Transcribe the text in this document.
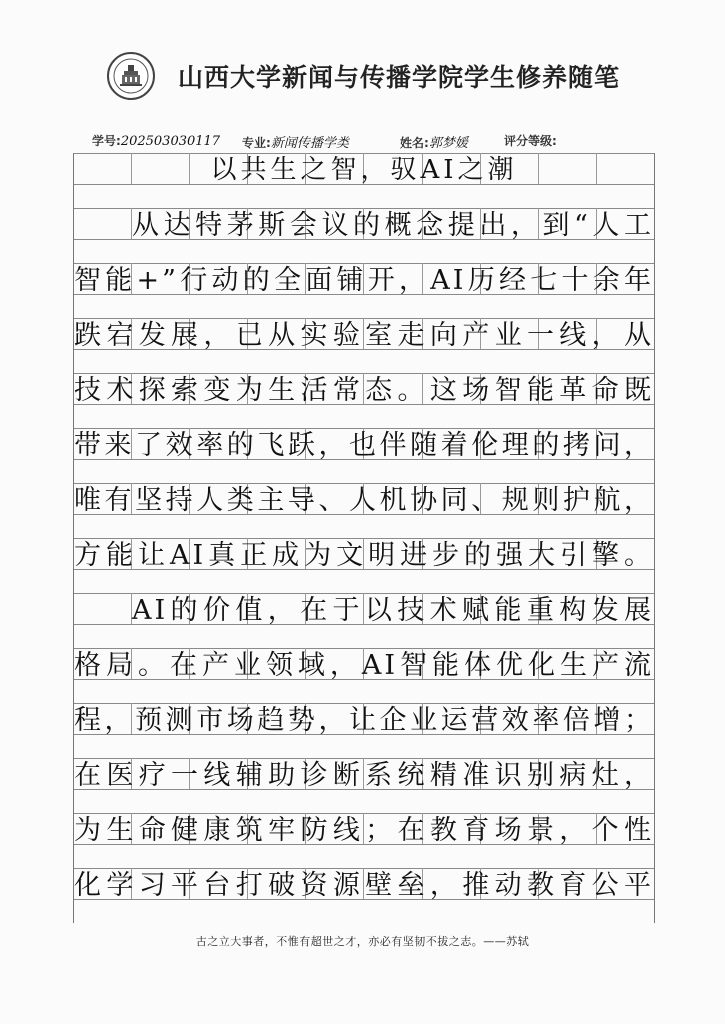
山西大学新闻与传播学院学生修养随笔
学号:202503030117 专业:新闻传播学类	姓名:郭梦媛	评分等级:
以共生之智，驭AI之潮
从达特茅斯会议的概念提出，到“人工
智能+”行动的全面铺开，AI历经七十余年
跌宕发展，已从实验室走向产业一线，从
技术探索变为生活常态。这场智能革命既
带来了效率的飞跃，也伴随着伦理的拷问，
唯有坚持人类主导、人机协同、规则护航，
方能让AI真正成为文明进步的强大引擎。
AI的价值，在于以技术赋能重构发展
格局。在产业领域，AI智能体优化生产流
程，预测市场趋势，让企业运营效率倍增；
在医疗一线辅助诊断系统精准识别病灶，
为生命健康筑牢防线；在教育场景，个性
化学习平台打破资源壁垒，推动教育公平
古之立大事者，不惟有超世之才，亦必有坚韧不拔之志。——苏轼
